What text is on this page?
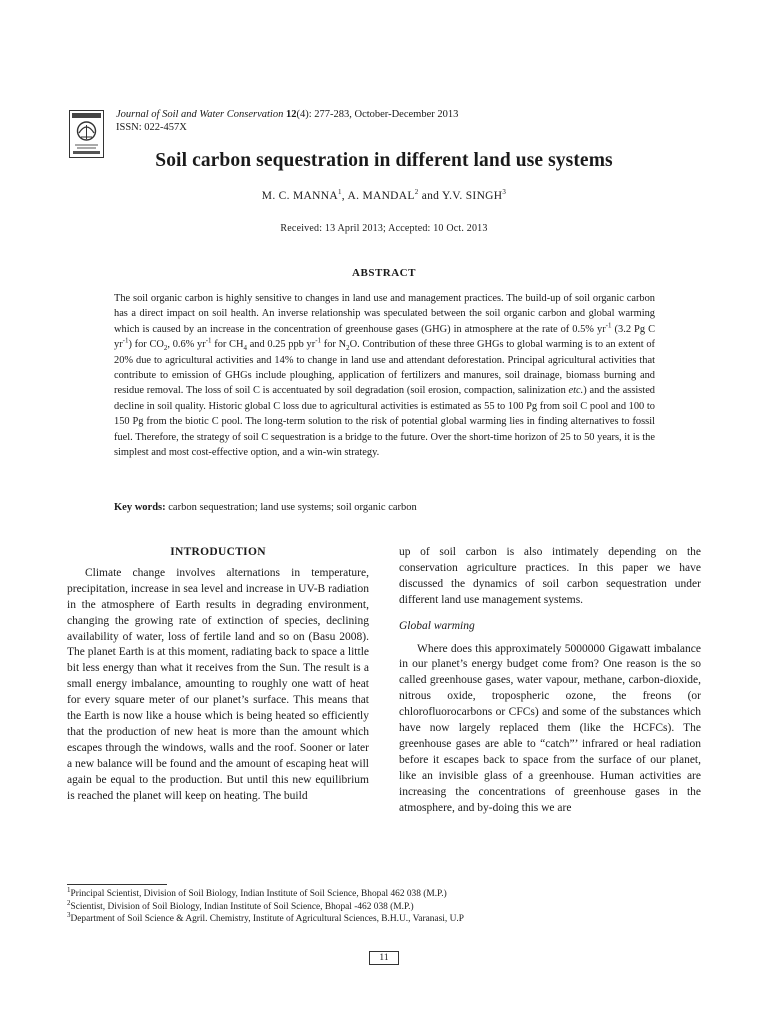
Journal of Soil and Water Conservation 12(4): 277-283, October-December 2013
ISSN: 022-457X
Soil carbon sequestration in different land use systems
M. C. MANNA$^1$, A. MANDAL$^2$ and Y.V. SINGH$^3$
Received: 13 April 2013; Accepted: 10 Oct. 2013
ABSTRACT

The soil organic carbon is highly sensitive to changes in land use and management practices. The build-up of soil organic carbon has a direct impact on soil health. An inverse relationship was speculated between the soil organic carbon and global warming which is caused by an increase in the concentration of greenhouse gases (GHG) in atmosphere at the rate of 0.5% $yr^{-1}$ (3.2 Pg C $yr^{-1}$) for $CO_2$, 0.6% $yr^{-1}$ for $CH_4$ and 0.25 ppb $yr^{-1}$ for $N_2O$. Contribution of these three GHGs to global warming is to an extent of 20% due to agricultural activities and 14% to change in land use and attendant deforestation. Principal agricultural activities that contribute to emission of GHGs include ploughing, application of fertilizers and manures, soil drainage, biomass burning and residue removal. The loss of soil C is accentuated by soil degradation (soil erosion, compaction, salinization etc.) and the assisted decline in soil quality. Historic global C loss due to agricultural activities is estimated as 55 to 100 Pg from soil C pool and 100 to 150 Pg from the biotic C pool. The long-term solution to the risk of potential global warming lies in finding alternatives to fossil fuel. Therefore, the strategy of soil C sequestration is a bridge to the future. Over the short-time horizon of 25 to 50 years, it is the simplest and most cost-effective option, and a win-win strategy.

Key words: carbon sequestration; land use systems; soil organic carbon

INTRODUCTION

Climate change involves alternations in temperature, precipitation, increase in sea level and increase in UV-B radiation in the atmosphere of Earth results in degrading environment, changing the growing rate of extinction of species, declining availability of water, loss of fertile land and so on (Basu 2008). The planet Earth is at this moment, radiating back to space a little bit less energy than what it receives from the Sun. The result is a small energy imbalance, amounting to roughly one watt of heat for every square meter of our planet’s surface. This means that the Earth is now like a house which is being heated so efficiently that the production of new heat is more than the amount which escapes through the windows, walls and the roof. Sooner or later a new balance will be found and the amount of escaping heat will again be equal to the production. But until this new equilibrium is reached the planet will keep on heating. The build

up of soil carbon is also intimately depending on the conservation agriculture practices. In this paper we have discussed the dynamics of soil carbon sequestration under different land use management systems.

Global warming

Where does this approximately 5000000 Gigawatt imbalance in our planet’s energy budget come from? One reason is the so called greenhouse gases, water vapour, methane, carbon-dioxide, nitrous oxide, tropospheric ozone, the freons (or chlorofluorocarbons or CFCs) and some of the substances which have now largely replaced them (like the HCFCs). The greenhouse gases are able to “catch”’ infrared or heal radiation before it escapes back to space from the surface of our planet, like an invisible glass of a greenhouse. Human activities are increasing the concentrations of greenhouse gases in the atmosphere, and by-doing this we are

$^1$Principal Scientist, Division of Soil Biology, Indian Institute of Soil Science, Bhopal 462 038 (M.P.)
$^2$Scientist, Division of Soil Biology, Indian Institute of Soil Science, Bhopal -462 038 (M.P.)
$^3$Department of Soil Science & Agril. Chemistry, Institute of Agricultural Sciences, B.H.U., Varanasi, U.P
11
